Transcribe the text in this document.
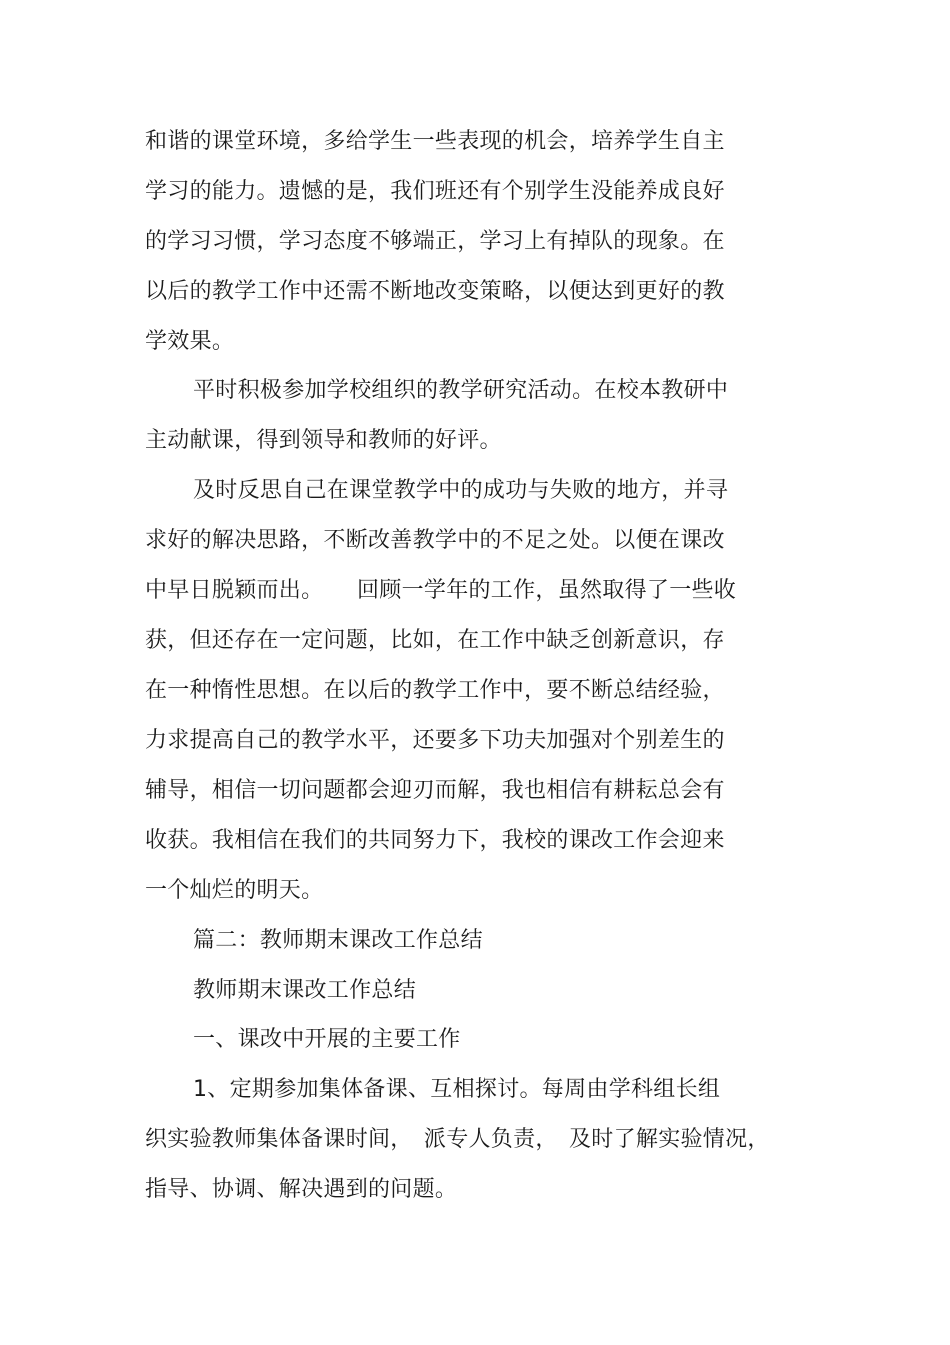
和谐的课堂环境，多给学生一些表现的机会，培养学生自主
学习的能力。遗憾的是，我们班还有个别学生没能养成良好
的学习习惯，学习态度不够端正，学习上有掉队的现象。在
以后的教学工作中还需不断地改变策略，以便达到更好的教
学效果。
平时积极参加学校组织的教学研究活动。在校本教研中
主动献课，得到领导和教师的好评。
及时反思自己在课堂教学中的成功与失败的地方，并寻
求好的解决思路，不断改善教学中的不足之处。以便在课改
中早日脱颖而出。　　回顾一学年的工作，虽然取得了一些收
获，但还存在一定问题，比如，在工作中缺乏创新意识，存
在一种惰性思想。在以后的教学工作中，要不断总结经验，
力求提高自己的教学水平，还要多下功夫加强对个别差生的
辅导，相信一切问题都会迎刃而解，我也相信有耕耘总会有
收获。我相信在我们的共同努力下，我校的课改工作会迎来
一个灿烂的明天。
篇二：教师期末课改工作总结
教师期末课改工作总结
一、课改中开展的主要工作
1、定期参加集体备课、互相探讨。每周由学科组长组
织实验教师集体备课时间，　派专人负责，　及时了解实验情况，
指导、协调、解决遇到的问题。
